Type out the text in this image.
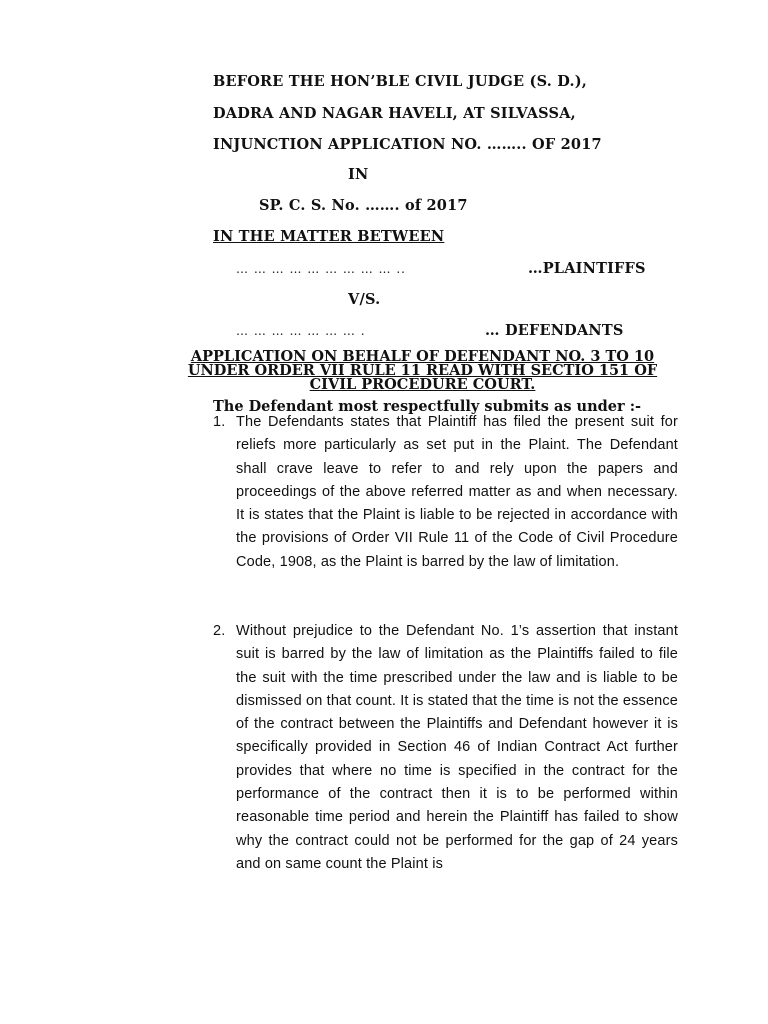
BEFORE THE HON’BLE CIVIL JUDGE (S. D.),
DADRA AND NAGAR HAVELI, AT SILVASSA,
INJUNCTION APPLICATION NO. …….. OF 2017
IN
SP. C. S. No. ……. of 2017
IN THE MATTER BETWEEN
… … … … … … … … … ..	…PLAINTIFFS
V/S.
… … … … … … … .	… DEFENDANTS
APPLICATION ON BEHALF OF DEFENDANT NO. 3 TO 10
UNDER ORDER VII RULE 11 READ WITH SECTIO 151 OF
CIVIL PROCEDURE COURT.
The Defendant most respectfully submits as under :-
1. The Defendants states that Plaintiff has filed the present suit for reliefs more particularly as set put in the Plaint. The Defendant shall crave leave to refer to and rely upon the papers and proceedings of the above referred matter as and when necessary. It is states that the Plaint is liable to be rejected in accordance with the provisions of Order VII Rule 11 of the Code of Civil Procedure Code, 1908, as the Plaint is barred by the law of limitation.
2. Without prejudice to the Defendant No. 1’s assertion that instant suit is barred by the law of limitation as the Plaintiffs failed to file the suit with the time prescribed under the law and is liable to be dismissed on that count. It is stated that the time is not the essence of the contract between the Plaintiffs and Defendant however it is specifically provided in Section 46 of Indian Contract Act further provides that where no time is specified in the contract for the performance of the contract then it is to be performed within reasonable time period and herein the Plaintiff has failed to show why the contract could not be performed for the gap of 24 years and on same count the Plaint is
